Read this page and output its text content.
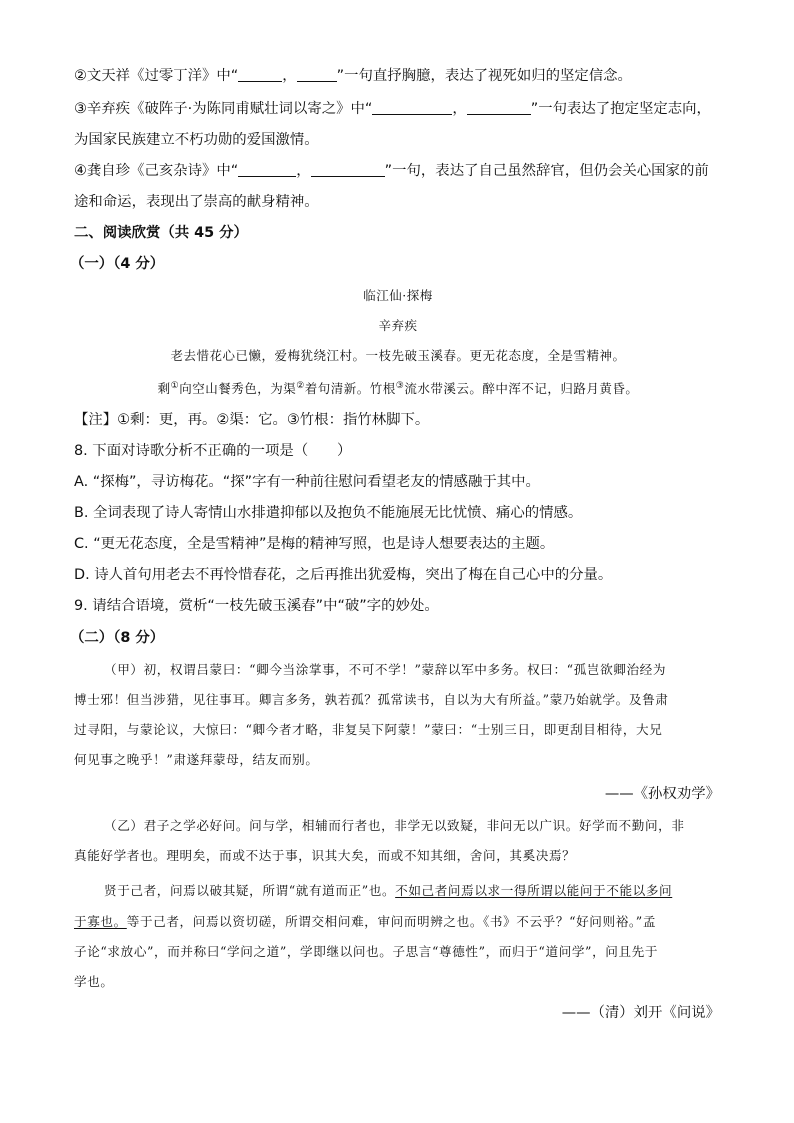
②文天祥《过零丁洋》中“	，	”一句直抒胸臆，表达了视死如归的坚定信念。
③辛弃疾《破阵子·为陈同甫赋壮词以寄之》中“	，	”一句表达了抱定坚定志向，
为国家民族建立不朽功勋的爱国激情。
④龚自珍《己亥杂诗》中“	，	”一句，表达了自己虽然辞官，但仍会关心国家的前
途和命运，表现出了崇高的献身精神。
二、阅读欣赏（共 45 分）
（一）（4 分）
临江仙·探梅
辛弃疾
老去惜花心已懒，爱梅犹绕江村。一枝先破玉溪春。更无花态度，全是雪精神。
剩①向空山餐秀色，为渠②着句清新。竹根③流水带溪云。醉中浑不记，归路月黄昏。
【注】①剩：更，再。②渠：它。③竹根：指竹林脚下。
8. 下面对诗歌分析不正确的一项是（　　）
A. “探梅”，寻访梅花。“探”字有一种前往慰问看望老友的情感融于其中。
B. 全词表现了诗人寄情山水排遣抑郁以及抱负不能施展无比忧愤、痛心的情感。
C. “更无花态度，全是雪精神”是梅的精神写照，也是诗人想要表达的主题。
D. 诗人首句用老去不再怜惜春花，之后再推出犹爱梅，突出了梅在自己心中的分量。
9. 请结合语境，赏析“一枝先破玉溪春”中“破”字的妙处。
（二）（8 分）
（甲）初，权谓吕蒙曰：“卿今当涂掌事，不可不学！”蒙辞以军中多务。权曰：“孤岂欲卿治经为
博士邪！但当涉猎，见往事耳。卿言多务，孰若孤？孤常读书，自以为大有所益。”蒙乃始就学。及鲁肃
过寻阳，与蒙论议，大惊曰：“卿今者才略，非复吴下阿蒙！”蒙曰：“士别三日，即更刮目相待，大兄
何见事之晚乎！”肃遂拜蒙母，结友而别。
——《孙权劝学》
（乙）君子之学必好问。问与学，相辅而行者也，非学无以致疑，非问无以广识。好学而不勤问，非
真能好学者也。理明矣，而或不达于事，识其大矣，而或不知其细，舍问，其奚决焉？
贤于己者，问焉以破其疑，所谓“就有道而正”也。不如己者问焉以求一得所谓以能问于不能以多问
于寡也。等于己者，问焉以资切磋，所谓交相问难，审问而明辨之也。《书》不云乎？“好问则裕。”孟
子论“求放心”，而并称曰“学问之道”，学即继以问也。子思言“尊德性”，而归于“道问学”，问且先于
学也。
——（清）刘开《问说》
